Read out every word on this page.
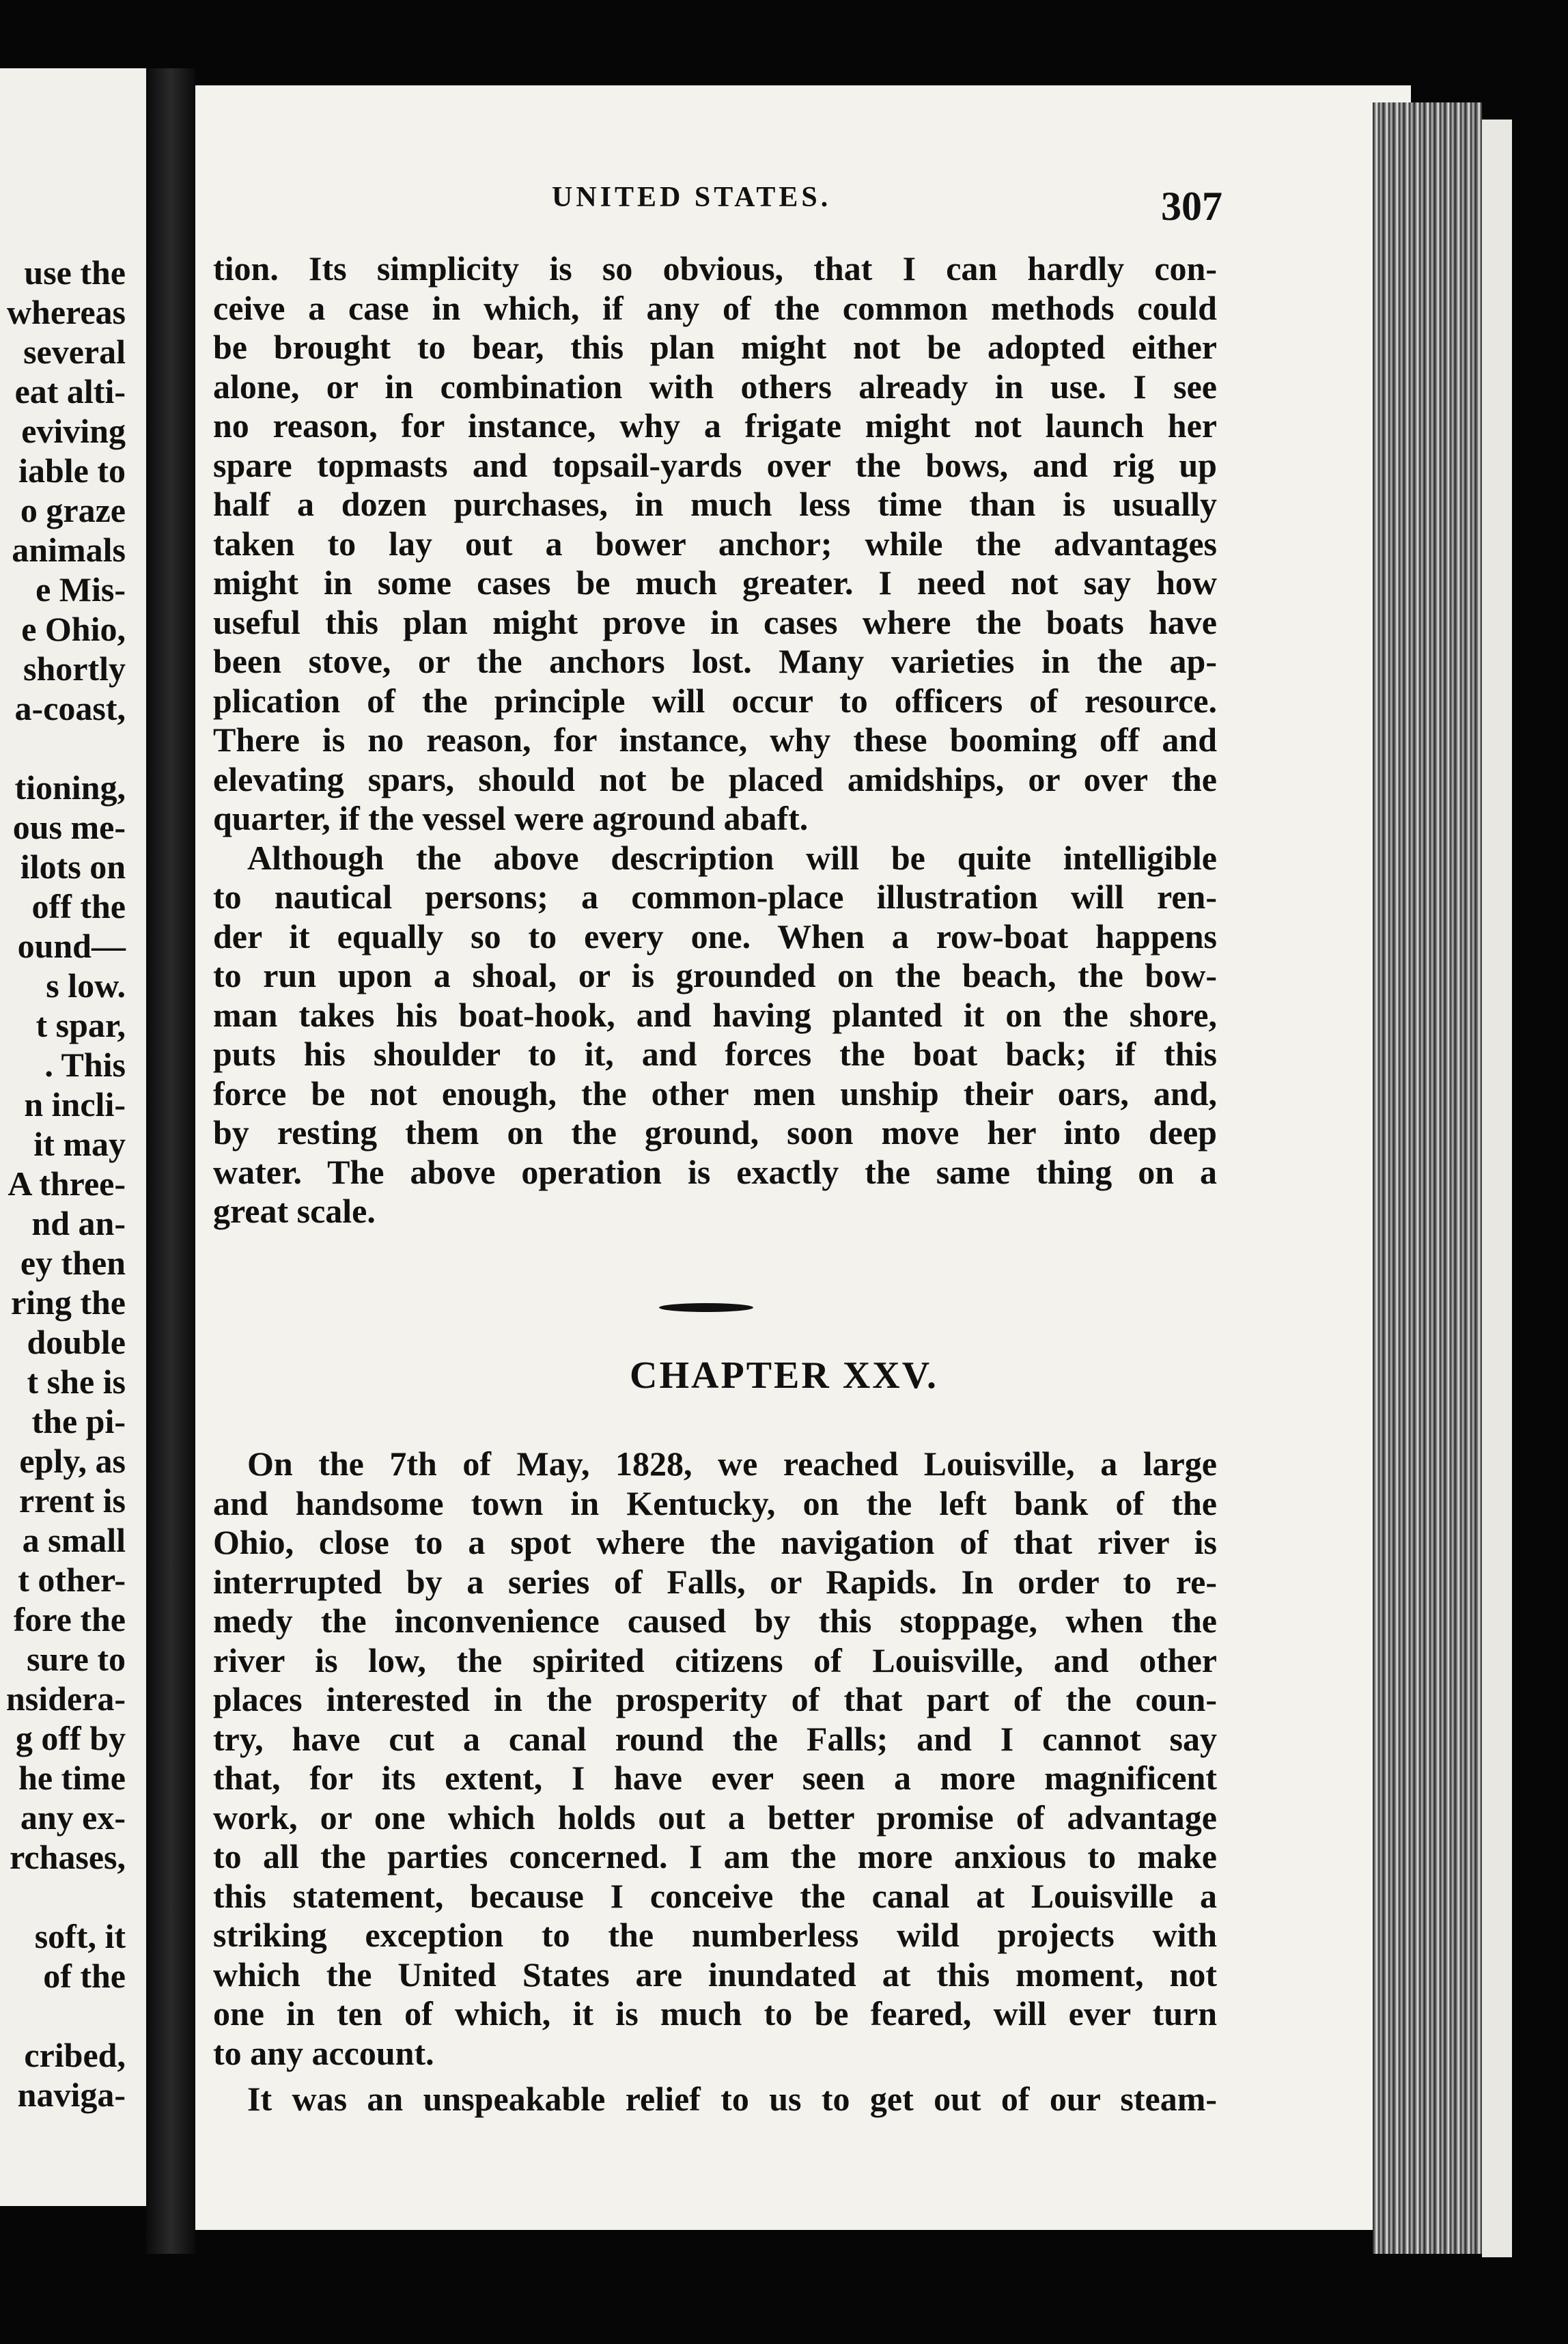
use the
whereas
several
eat alti-
eviving
iable to
o graze
animals
e Mis-
e Ohio,
shortly
a-coast,
tioning,
ous me-
ilots on
off the
ound—
s low.
t spar,
. This
n incli-
it may
A three-
nd an-
ey then
ring the
double
t she is
the pi-
eply, as
rrent is
a small
t other-
fore the
sure to
nsidera-
g off by
he time
any ex-
rchases,
soft, it
of the
cribed,
naviga-
UNITED STATES.	307
tion. Its simplicity is so obvious, that I can hardly con-
ceive a case in which, if any of the common methods could
be brought to bear, this plan might not be adopted either
alone, or in combination with others already in use. I see
no reason, for instance, why a frigate might not launch her
spare topmasts and topsail-yards over the bows, and rig up
half a dozen purchases, in much less time than is usually
taken to lay out a bower anchor; while the advantages
might in some cases be much greater. I need not say how
useful this plan might prove in cases where the boats have
been stove, or the anchors lost. Many varieties in the ap-
plication of the principle will occur to officers of resource.
There is no reason, for instance, why these booming off and
elevating spars, should not be placed amidships, or over the
quarter, if the vessel were aground abaft.
Although the above description will be quite intelligible
to nautical persons; a common-place illustration will ren-
der it equally so to every one. When a row-boat happens
to run upon a shoal, or is grounded on the beach, the bow-
man takes his boat-hook, and having planted it on the shore,
puts his shoulder to it, and forces the boat back; if this
force be not enough, the other men unship their oars, and,
by resting them on the ground, soon move her into deep
water. The above operation is exactly the same thing on a
great scale.
CHAPTER XXV.
On the 7th of May, 1828, we reached Louisville, a large
and handsome town in Kentucky, on the left bank of the
Ohio, close to a spot where the navigation of that river is
interrupted by a series of Falls, or Rapids. In order to re-
medy the inconvenience caused by this stoppage, when the
river is low, the spirited citizens of Louisville, and other
places interested in the prosperity of that part of the coun-
try, have cut a canal round the Falls; and I cannot say
that, for its extent, I have ever seen a more magnificent
work, or one which holds out a better promise of advantage
to all the parties concerned. I am the more anxious to make
this statement, because I conceive the canal at Louisville a
striking exception to the numberless wild projects with
which the United States are inundated at this moment, not
one in ten of which, it is much to be feared, will ever turn
to any account.
It was an unspeakable relief to us to get out of our steam-
